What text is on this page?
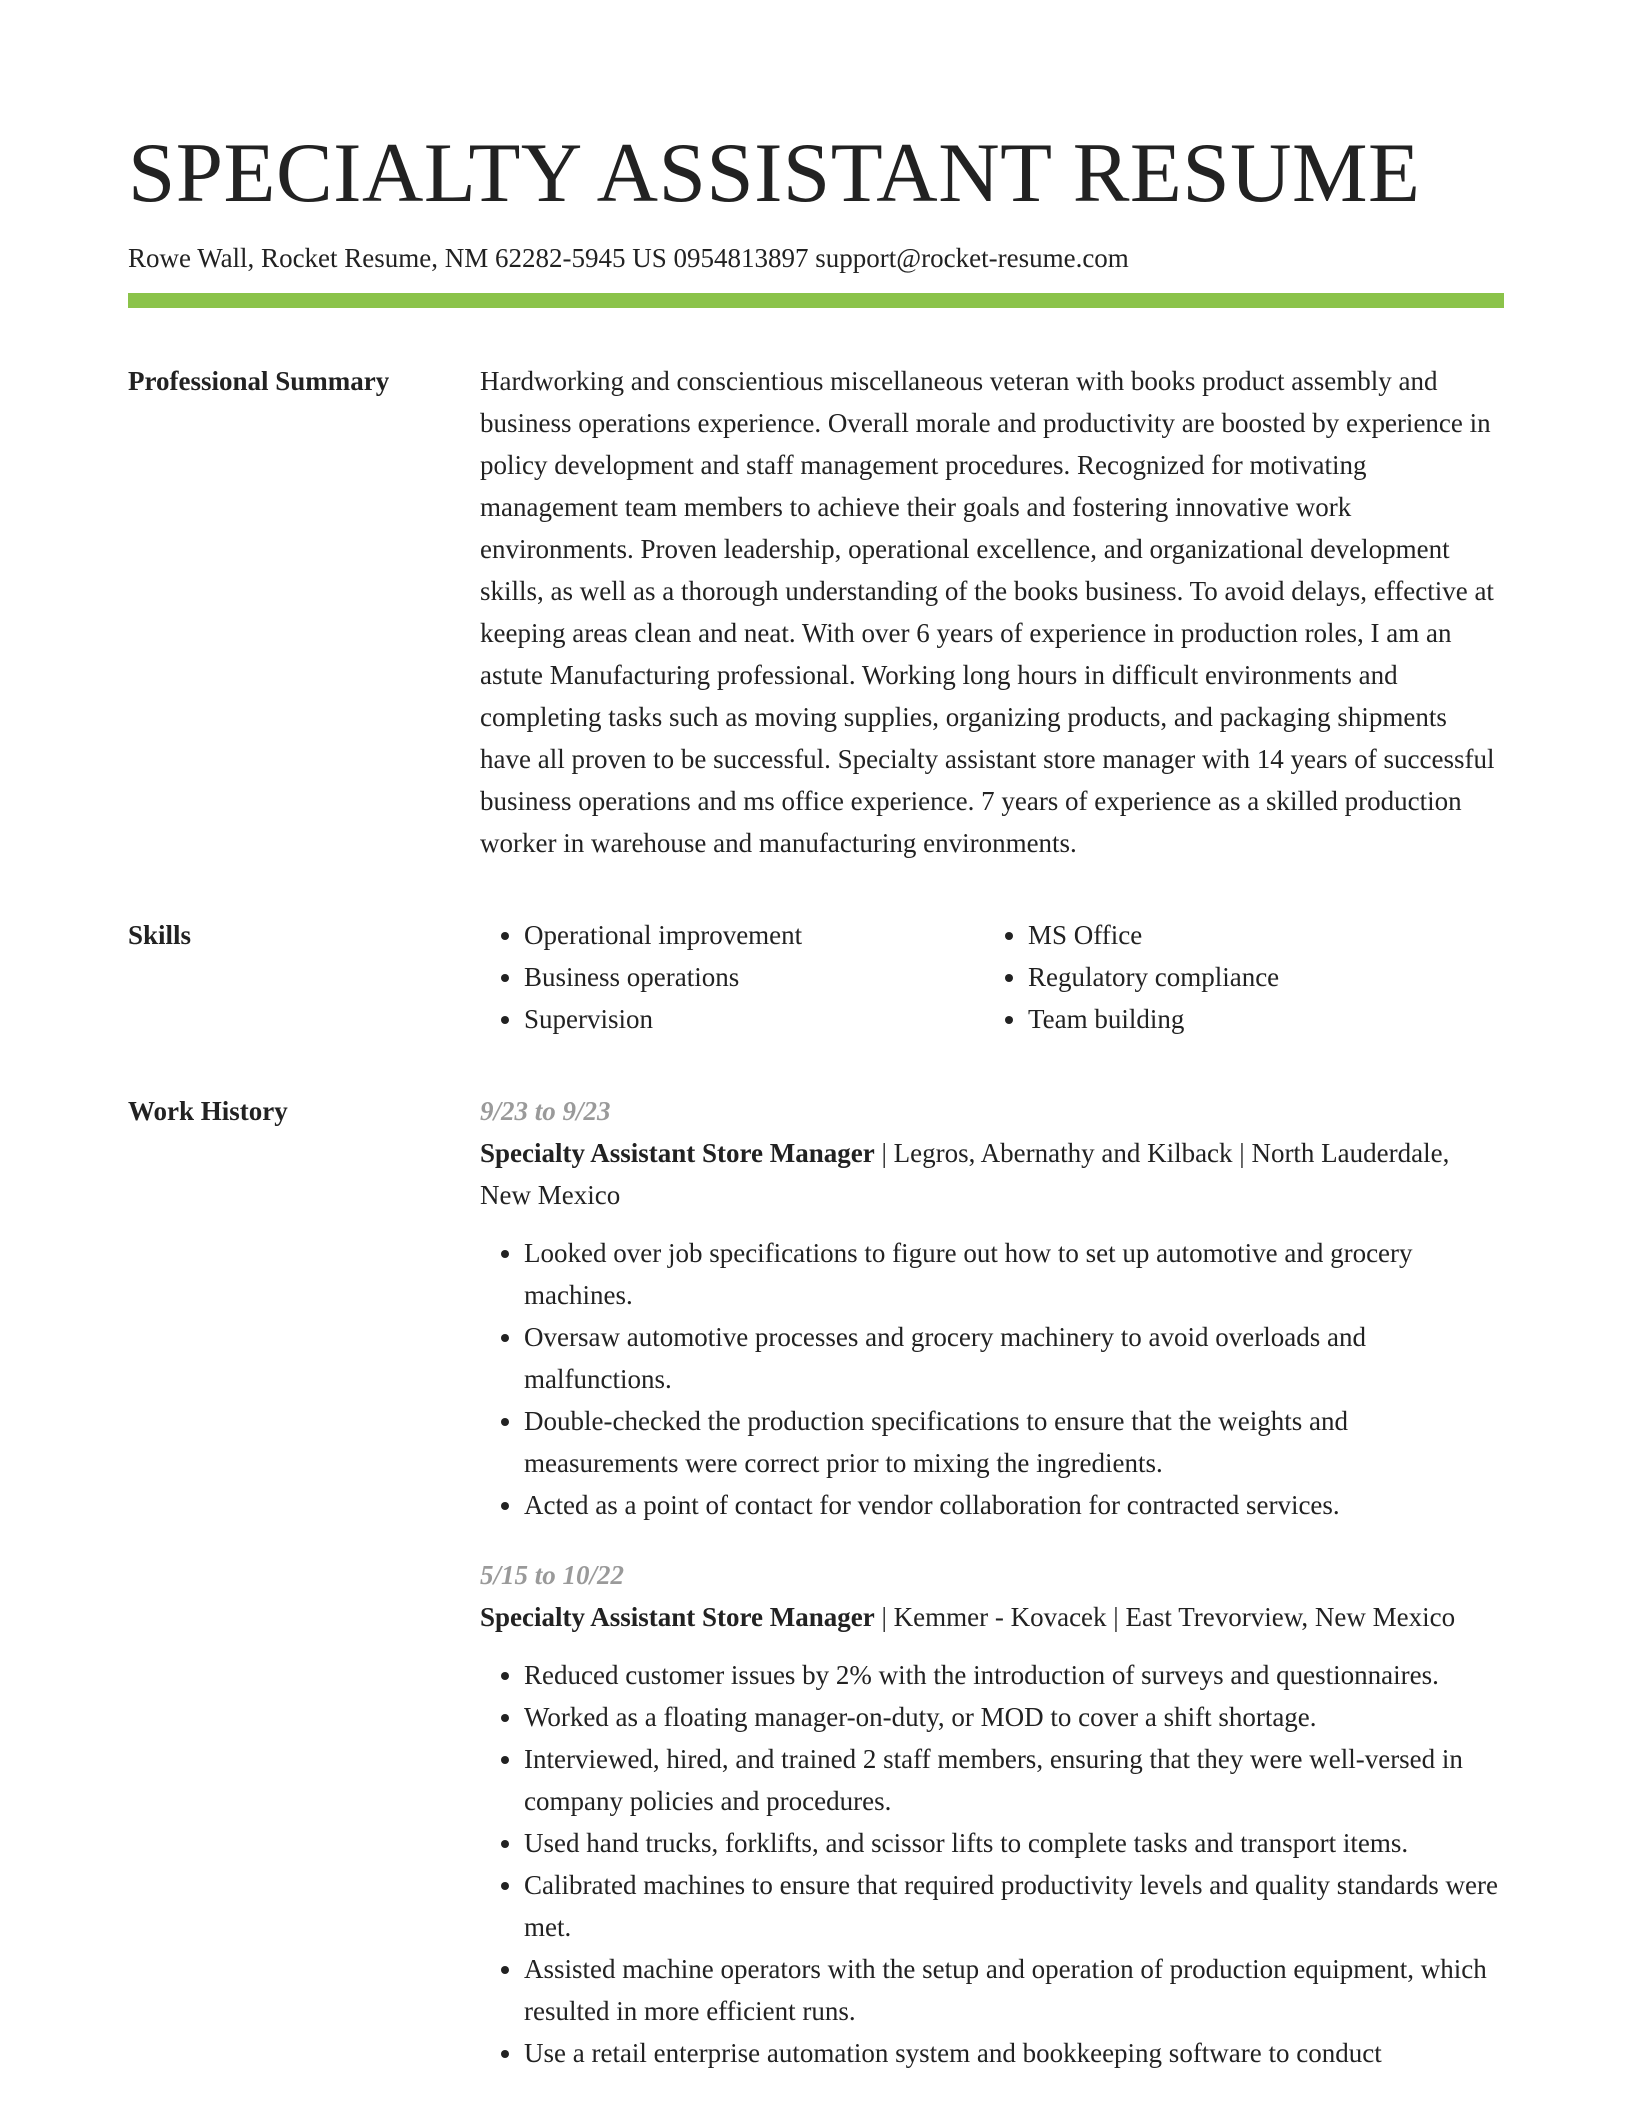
SPECIALTY ASSISTANT RESUME
Rowe Wall, Rocket Resume, NM 62282-5945 US 0954813897 support@rocket-resume.com
Professional Summary	Hardworking and conscientious miscellaneous veteran with books product assembly and business operations experience. Overall morale and productivity are boosted by experience in policy development and staff management procedures. Recognized for motivating management team members to achieve their goals and fostering innovative work environments. Proven leadership, operational excellence, and organizational development skills, as well as a thorough understanding of the books business. To avoid delays, effective at keeping areas clean and neat. With over 6 years of experience in production roles, I am an astute Manufacturing professional. Working long hours in difficult environments and completing tasks such as moving supplies, organizing products, and packaging shipments have all proven to be successful. Specialty assistant store manager with 14 years of successful business operations and ms office experience. 7 years of experience as a skilled production worker in warehouse and manufacturing environments.

Skills
•	Operational improvement
• Business operations
• Supervision
• MS Office
• Regulatory compliance
• Team building
Work History	9/23 to 9/23
Specialty Assistant Store Manager | Legros, Abernathy and Kilback | North Lauderdale, New Mexico
• Looked over job specifications to figure out how to set up automotive and grocery machines.
• Oversaw automotive processes and grocery machinery to avoid overloads and malfunctions.
• Double-checked the production specifications to ensure that the weights and measurements were correct prior to mixing the ingredients.
• Acted as a point of contact for vendor collaboration for contracted services.
5/15 to 10/22
Specialty Assistant Store Manager | Kemmer - Kovacek | East Trevorview, New Mexico
• Reduced customer issues by 2% with the introduction of surveys and questionnaires.
• Worked as a floating manager-on-duty, or MOD to cover a shift shortage.
• Interviewed, hired, and trained 2 staff members, ensuring that they were well-versed in company policies and procedures.
• Used hand trucks, forklifts, and scissor lifts to complete tasks and transport items.
• Calibrated machines to ensure that required productivity levels and quality standards were met.
• Assisted machine operators with the setup and operation of production equipment, which resulted in more efficient runs.
• Use a retail enterprise automation system and bookkeeping software to conduct
